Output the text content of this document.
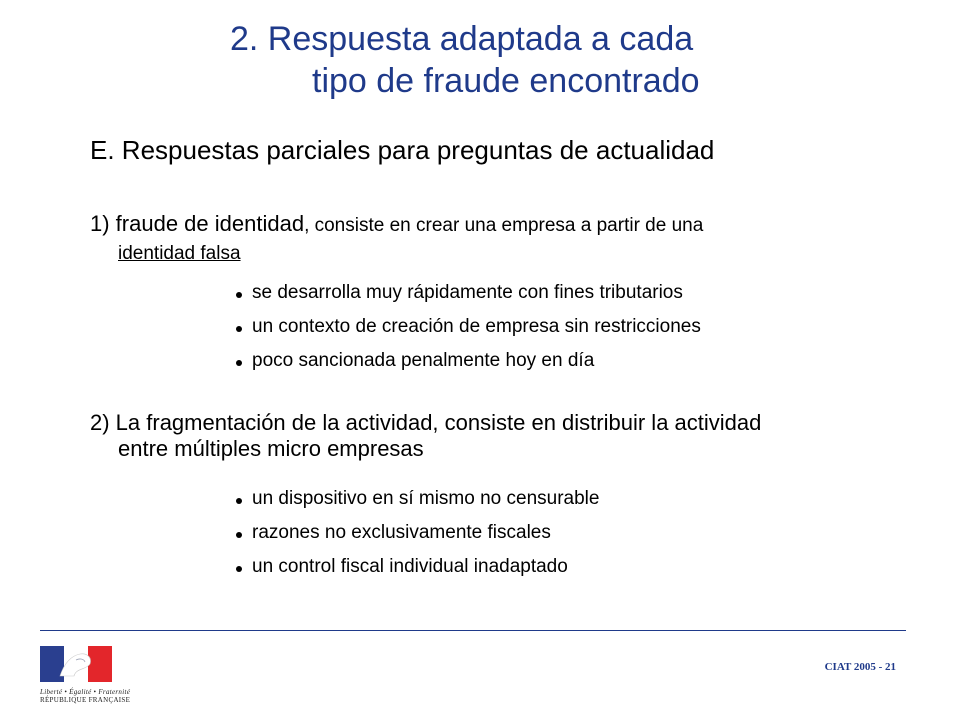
2. Respuesta adaptada a cada
tipo de fraude encontrado
E. Respuestas parciales para preguntas de actualidad
1) fraude de identidad, consiste en crear una empresa a partir de una
identidad falsa
se desarrolla muy rápidamente con fines tributarios
un contexto de creación de empresa sin restricciones
poco sancionada penalmente hoy en día
2) La fragmentación de la actividad, consiste en distribuir la actividad
entre múltiples micro empresas
un dispositivo en sí mismo no censurable
razones no exclusivamente fiscales
un control fiscal individual inadaptado
Liberté • Égalité • Fraternité
RÉPUBLIQUE FRANÇAISE
CIAT 2005 - 21
